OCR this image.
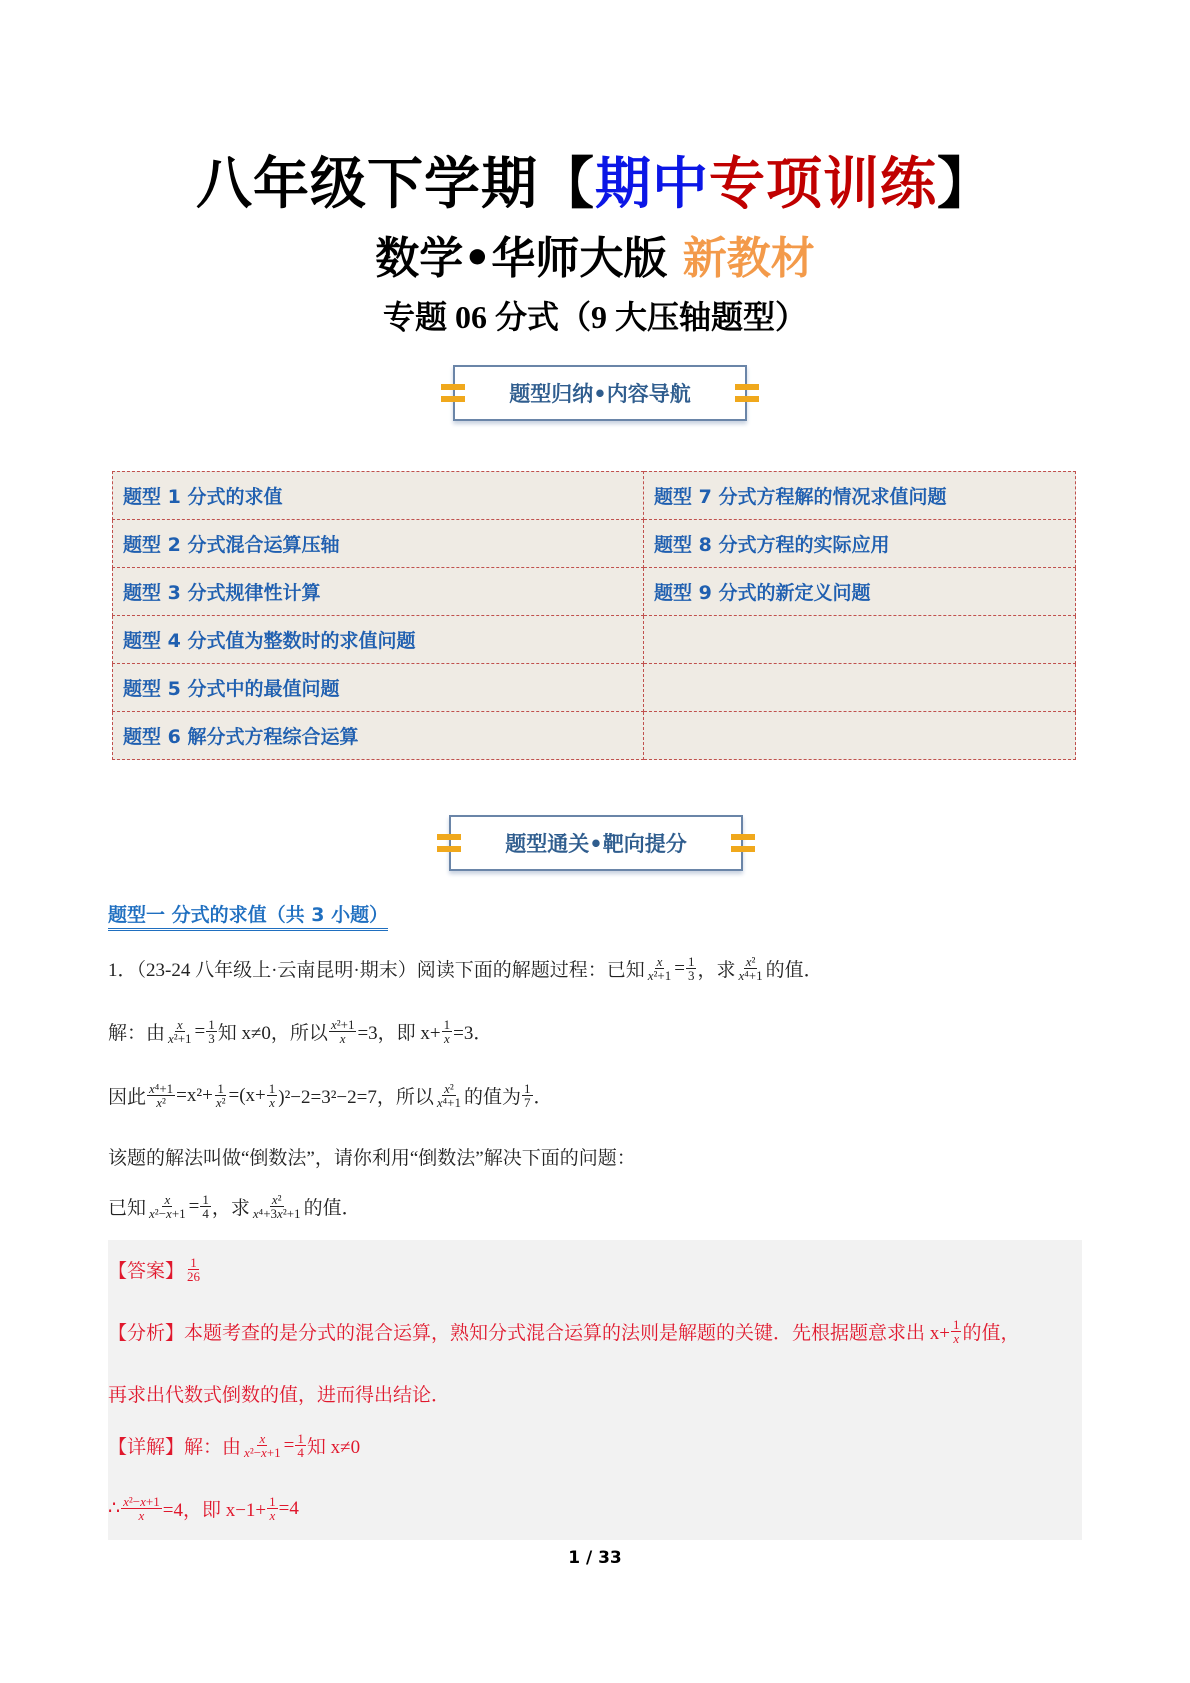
八年级下学期【期中专项训练】
数学•华师大版 新教材
专题 06 分式（9 大压轴题型）
题型归纳•内容导航
题型 1 分式的求值	题型 7 分式方程解的情况求值问题
题型 2 分式混合运算压轴	题型 8 分式方程的实际应用
题型 3 分式规律性计算	题型 9 分式的新定义问题
题型 4 分式值为整数时的求值问题	
题型 5 分式中的最值问题	
题型 6 解分式方程综合运算	
题型通关•靶向提分
题型一 分式的求值（共 3 小题）
1．（23-24 八年级上·云南昆明·期末）阅读下面的解题过程：已知 x
x²+1 = 1
3 ，求 x²
x⁴+1 的值．
解：由 x
x²+1 = 1
3 知 x≠0，所以 $\frac{\text{x²+1}}{x} =3$，即 $x+ \frac{1}{x} =3$．
因此 $\frac{\text{x⁴+1}}{\text{x²}} =x^2+ \frac{1}{\text{x²}} =(x+ \frac{1}{x} )^2-2=3^2-2=7$，所以 x²
x⁴+1 的值为 1
7 ．
该题的解法叫做“倒数法”，请你利用“倒数法”解决下面的问题：
已知 $\frac{x}{\text{x²−x+1}} = \frac{1}{4}$ ，求 x²
x⁴+3x²+1 的值．
【答案】 1
26
【分析】 本题考查的是分式的混合运算，熟知分式混合运算的法则是解题的关键．先根据题意求出 $x+ \frac{1}{x}$ 的值，
再求出代数式倒数的值，进而得出结论．
【详解】 解：由 x
x²−x+1 = 1
4 知 x≠0
∴ $\frac{\text{x²−x+1}}{x} =4$，即 $x-1+ \frac{1}{x} =4$
1 / 33
